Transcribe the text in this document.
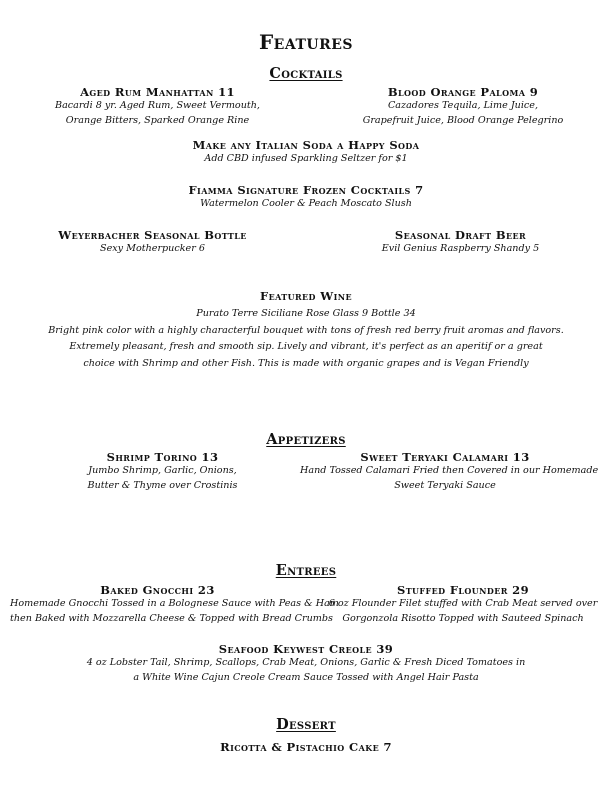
Features
Cocktails
Aged Rum Manhattan 11
Bacardi 8 yr. Aged Rum, Sweet Vermouth,
Orange Bitters, Sparked Orange Rine
Blood Orange Paloma 9
Cazadores Tequila, Lime Juice,
Grapefruit Juice, Blood Orange Pelegrino
Make any Italian Soda a Happy Soda
Add CBD infused Sparkling Seltzer for $1
Fiamma Signature Frozen Cocktails 7
Watermelon Cooler & Peach Moscato Slush
Weyerbacher Seasonal Bottle
Sexy Motherpucker 6
Seasonal Draft Beer
Evil Genius Raspberry Shandy 5
Featured Wine
Purato Terre Siciliane Rose Glass 9 Bottle 34
Bright pink color with a highly characterful bouquet with tons of fresh red berry fruit aromas and flavors.
Extremely pleasant, fresh and smooth sip. Lively and vibrant, it's perfect as an aperitif or a great
choice with Shrimp and other Fish. This is made with organic grapes and is Vegan Friendly
Appetizers
Shrimp Torino 13
Jumbo Shrimp, Garlic, Onions,
Butter & Thyme over Crostinis
Sweet Teryaki Calamari 13
Hand Tossed Calamari Fried then Covered in our Homemade
Sweet Teryaki Sauce
Entrees
Baked Gnocchi 23
Homemade Gnocchi Tossed in a Bolognese Sauce with Peas & Ham
then Baked with Mozzarella Cheese & Topped with Bread Crumbs
Stuffed Flounder 29
6 oz Flounder Filet stuffed with Crab Meat served over
Gorgonzola Risotto Topped with Sauteed Spinach
Seafood Keywest Creole 39
4 oz Lobster Tail, Shrimp, Scallops, Crab Meat, Onions, Garlic & Fresh Diced Tomatoes in
a White Wine Cajun Creole Cream Sauce Tossed with Angel Hair Pasta
Dessert
Ricotta & Pistachio Cake 7
